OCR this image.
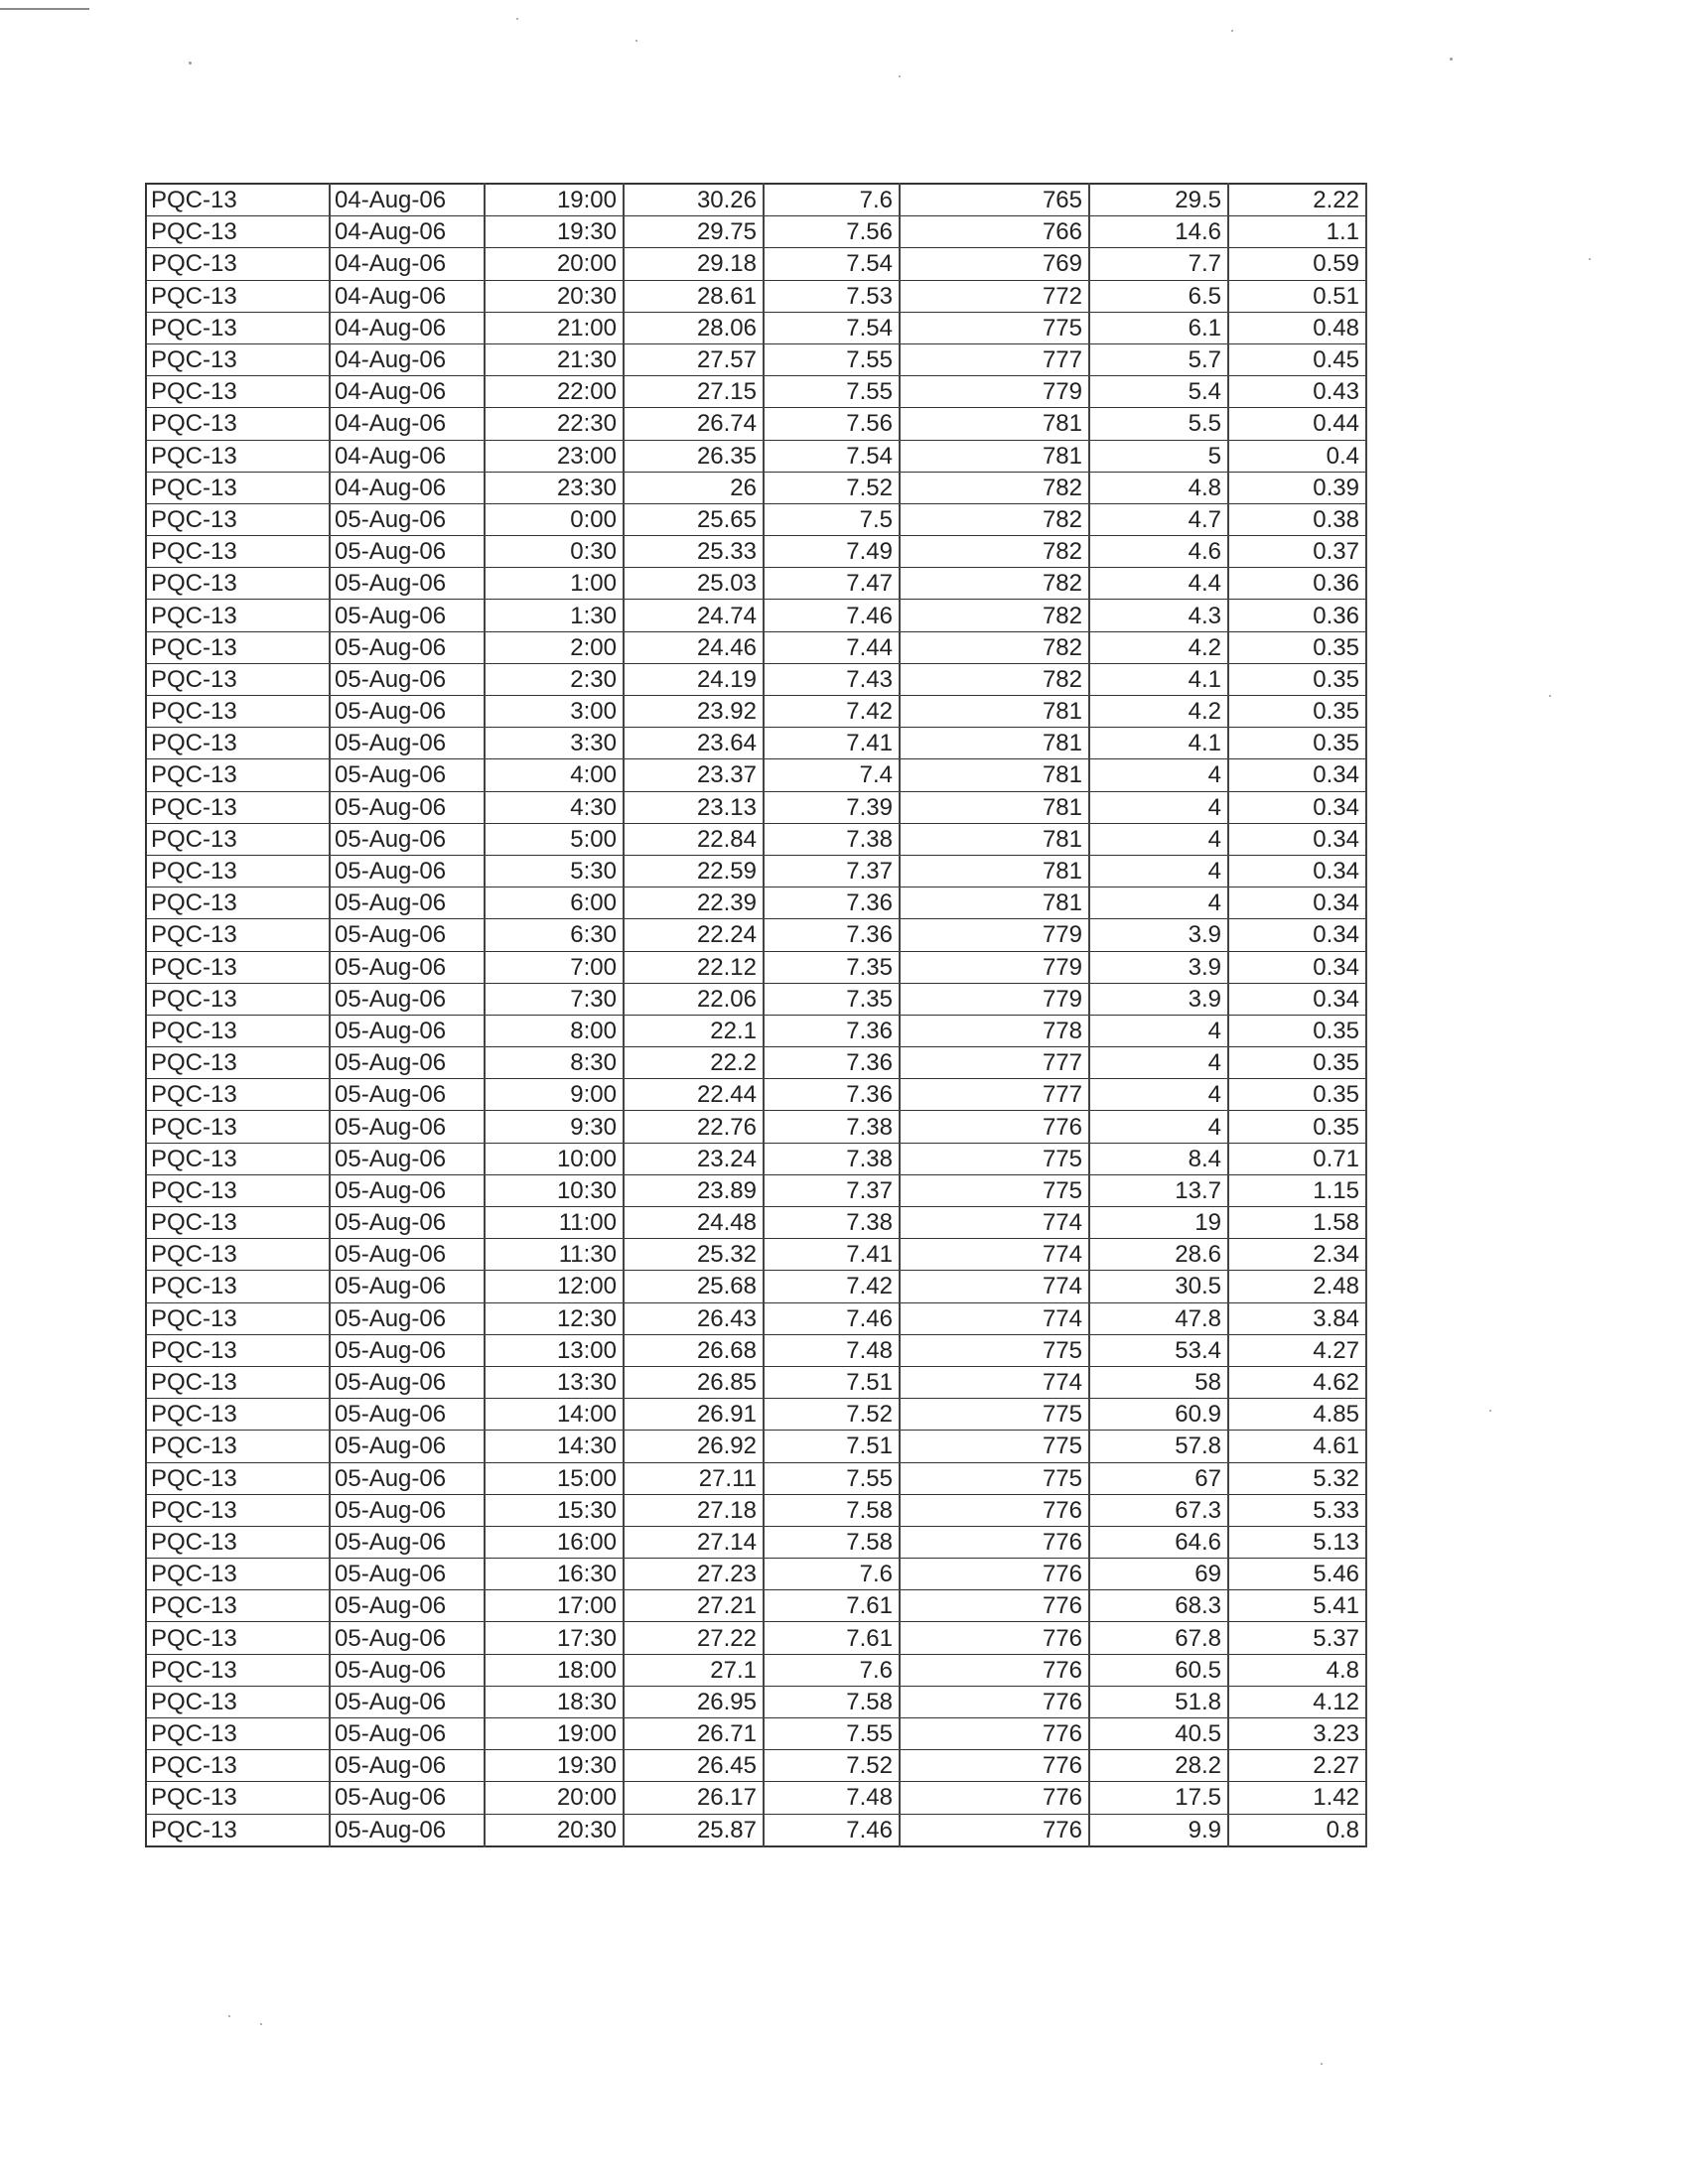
PQC-13	04-Aug-06	19:00	30.26	7.6	765	29.5	2.22
PQC-13	04-Aug-06	19:30	29.75	7.56	766	14.6	1.1
PQC-13	04-Aug-06	20:00	29.18	7.54	769	7.7	0.59
PQC-13	04-Aug-06	20:30	28.61	7.53	772	6.5	0.51
PQC-13	04-Aug-06	21:00	28.06	7.54	775	6.1	0.48
PQC-13	04-Aug-06	21:30	27.57	7.55	777	5.7	0.45
PQC-13	04-Aug-06	22:00	27.15	7.55	779	5.4	0.43
PQC-13	04-Aug-06	22:30	26.74	7.56	781	5.5	0.44
PQC-13	04-Aug-06	23:00	26.35	7.54	781	5	0.4
PQC-13	04-Aug-06	23:30	26	7.52	782	4.8	0.39
PQC-13	05-Aug-06	0:00	25.65	7.5	782	4.7	0.38
PQC-13	05-Aug-06	0:30	25.33	7.49	782	4.6	0.37
PQC-13	05-Aug-06	1:00	25.03	7.47	782	4.4	0.36
PQC-13	05-Aug-06	1:30	24.74	7.46	782	4.3	0.36
PQC-13	05-Aug-06	2:00	24.46	7.44	782	4.2	0.35
PQC-13	05-Aug-06	2:30	24.19	7.43	782	4.1	0.35
PQC-13	05-Aug-06	3:00	23.92	7.42	781	4.2	0.35
PQC-13	05-Aug-06	3:30	23.64	7.41	781	4.1	0.35
PQC-13	05-Aug-06	4:00	23.37	7.4	781	4	0.34
PQC-13	05-Aug-06	4:30	23.13	7.39	781	4	0.34
PQC-13	05-Aug-06	5:00	22.84	7.38	781	4	0.34
PQC-13	05-Aug-06	5:30	22.59	7.37	781	4	0.34
PQC-13	05-Aug-06	6:00	22.39	7.36	781	4	0.34
PQC-13	05-Aug-06	6:30	22.24	7.36	779	3.9	0.34
PQC-13	05-Aug-06	7:00	22.12	7.35	779	3.9	0.34
PQC-13	05-Aug-06	7:30	22.06	7.35	779	3.9	0.34
PQC-13	05-Aug-06	8:00	22.1	7.36	778	4	0.35
PQC-13	05-Aug-06	8:30	22.2	7.36	777	4	0.35
PQC-13	05-Aug-06	9:00	22.44	7.36	777	4	0.35
PQC-13	05-Aug-06	9:30	22.76	7.38	776	4	0.35
PQC-13	05-Aug-06	10:00	23.24	7.38	775	8.4	0.71
PQC-13	05-Aug-06	10:30	23.89	7.37	775	13.7	1.15
PQC-13	05-Aug-06	11:00	24.48	7.38	774	19	1.58
PQC-13	05-Aug-06	11:30	25.32	7.41	774	28.6	2.34
PQC-13	05-Aug-06	12:00	25.68	7.42	774	30.5	2.48
PQC-13	05-Aug-06	12:30	26.43	7.46	774	47.8	3.84
PQC-13	05-Aug-06	13:00	26.68	7.48	775	53.4	4.27
PQC-13	05-Aug-06	13:30	26.85	7.51	774	58	4.62
PQC-13	05-Aug-06	14:00	26.91	7.52	775	60.9	4.85
PQC-13	05-Aug-06	14:30	26.92	7.51	775	57.8	4.61
PQC-13	05-Aug-06	15:00	27.11	7.55	775	67	5.32
PQC-13	05-Aug-06	15:30	27.18	7.58	776	67.3	5.33
PQC-13	05-Aug-06	16:00	27.14	7.58	776	64.6	5.13
PQC-13	05-Aug-06	16:30	27.23	7.6	776	69	5.46
PQC-13	05-Aug-06	17:00	27.21	7.61	776	68.3	5.41
PQC-13	05-Aug-06	17:30	27.22	7.61	776	67.8	5.37
PQC-13	05-Aug-06	18:00	27.1	7.6	776	60.5	4.8
PQC-13	05-Aug-06	18:30	26.95	7.58	776	51.8	4.12
PQC-13	05-Aug-06	19:00	26.71	7.55	776	40.5	3.23
PQC-13	05-Aug-06	19:30	26.45	7.52	776	28.2	2.27
PQC-13	05-Aug-06	20:00	26.17	7.48	776	17.5	1.42
PQC-13	05-Aug-06	20:30	25.87	7.46	776	9.9	0.8
